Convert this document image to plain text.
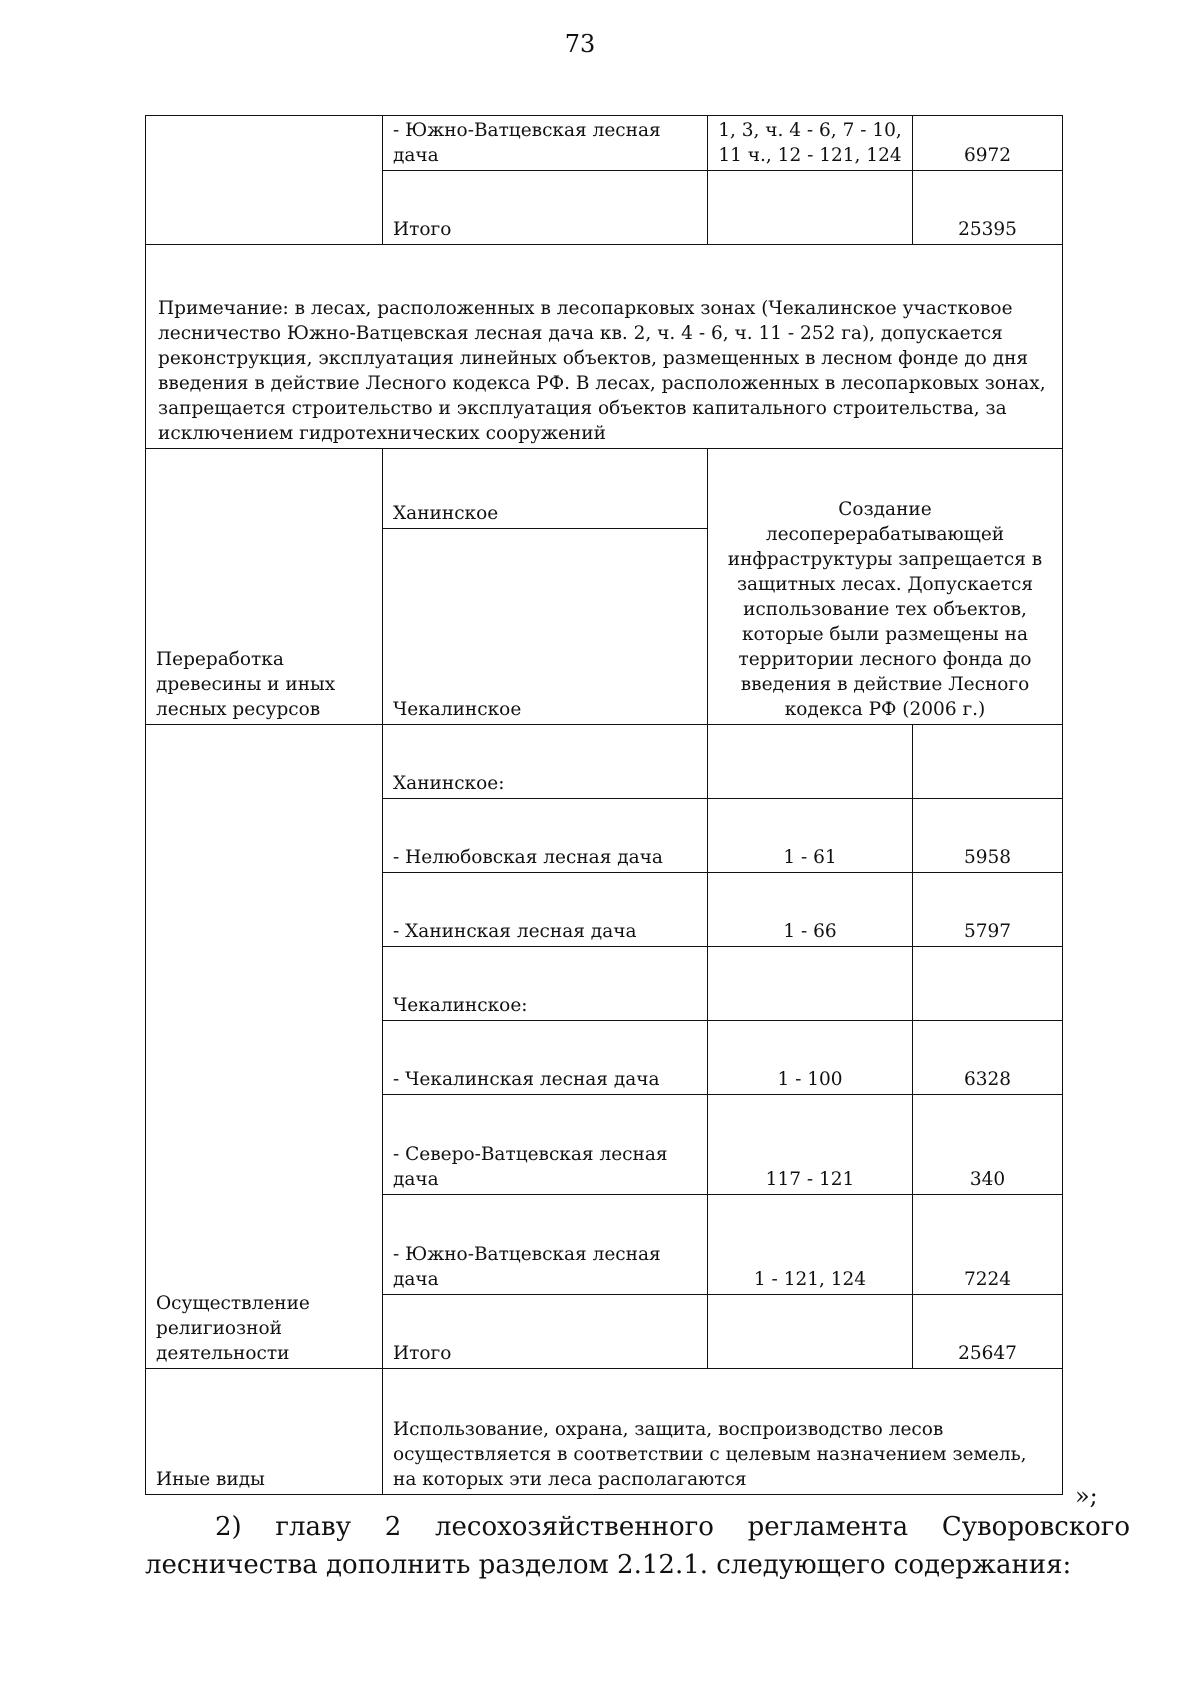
73
	- Южно-Ватцевская лесная дача	1, 3, ч. 4 - 6, 7 - 10, 11 ч., 12 - 121, 124	6972
	Итого		25395
Примечание: в лесах, расположенных в лесопарковых зонах (Чекалинское участковое лесничество Южно-Ватцевская лесная дача кв. 2, ч. 4 - 6, ч. 11 - 252 га), допускается реконструкция, эксплуатация линейных объектов, размещенных в лесном фонде до дня введения в действие Лесного кодекса РФ. В лесах, расположенных в лесопарковых зонах, запрещается строительство и эксплуатация объектов капитального строительства, за исключением гидротехнических сооружений			
Переработка древесины и иных лесных ресурсов	Ханинское	Создание лесоперерабатывающей инфраструктуры запрещается в защитных лесах. Допускается использование тех объектов, которые были размещены на территории лесного фонда до введения в действие Лесного кодекса РФ (2006 г.)	
	Чекалинское		
Осуществление религиозной деятельности	Ханинское:		
	- Нелюбовская лесная дача	1 - 61	5958
	- Ханинская лесная дача	1 - 66	5797
	Чекалинское:		
	- Чекалинская лесная дача	1 - 100	6328
	- Северо-Ватцевская лесная дача	117 - 121	340
	- Южно-Ватцевская лесная дача	1 - 121, 124	7224
	Итого		25647
Иные виды	Использование, охрана, защита, воспроизводство лесов осуществляется в соответствии с целевым назначением земель, на которых эти леса располагаются		
»;
2) главу 2 лесохозяйственного регламента Суворовского лесничества дополнить разделом 2.12.1. следующего содержания:
